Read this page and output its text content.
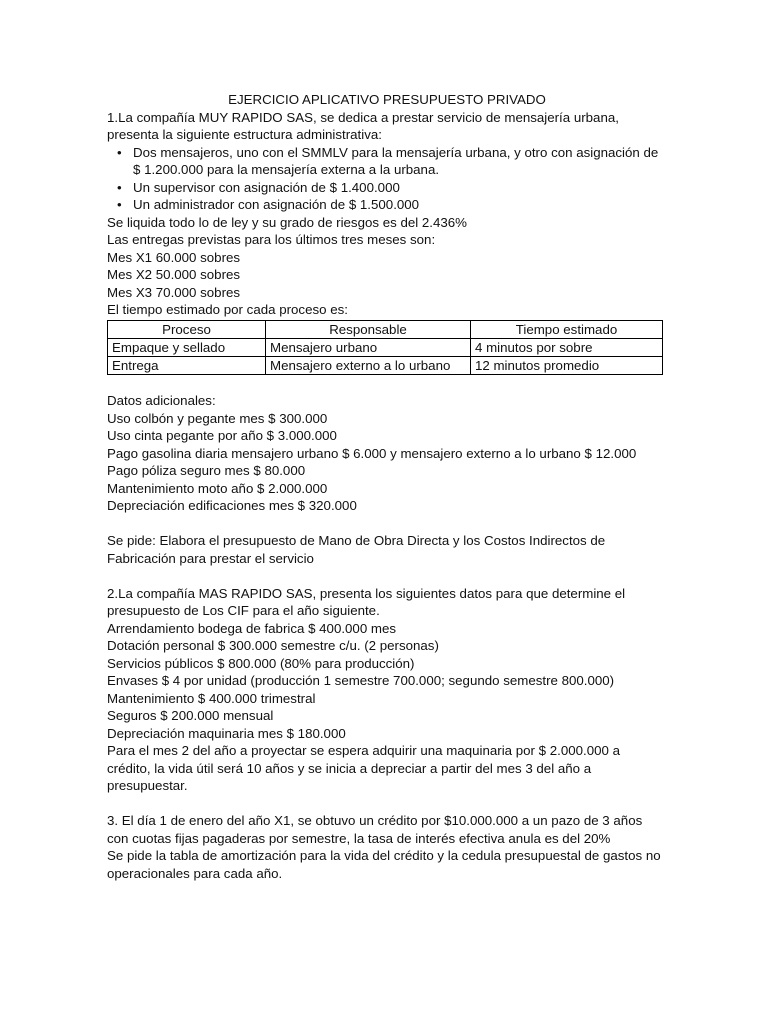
EJERCICIO APLICATIVO PRESUPUESTO PRIVADO

1.La compañía MUY RAPIDO SAS, se dedica a prestar servicio de mensajería urbana, presenta la siguiente estructura administrativa:

• Dos mensajeros, uno con el SMMLV para la mensajería urbana, y otro con asignación de $ 1.200.000 para la mensajería externa a la urbana.
• Un supervisor con asignación de $ 1.400.000
• Un administrador con asignación de $ 1.500.000

Se liquida todo lo de ley y su grado de riesgos es del 2.436%

Las entregas previstas para los últimos tres meses son:

Mes X1 60.000 sobres

Mes X2 50.000 sobres

Mes X3 70.000 sobres

El tiempo estimado por cada proceso es:

Proceso	Responsable	Tiempo estimado
Empaque y sellado	Mensajero urbano	4 minutos por sobre
Entrega	Mensajero externo a lo urbano	12 minutos promedio

Datos adicionales:

Uso colbón y pegante mes $ 300.000

Uso cinta pegante por año $ 3.000.000

Pago gasolina diaria mensajero urbano $ 6.000 y mensajero externo a lo urbano $ 12.000

Pago póliza seguro mes $ 80.000

Mantenimiento moto año $ 2.000.000

Depreciación edificaciones mes $ 320.000

Se pide: Elabora el presupuesto de Mano de Obra Directa y los Costos Indirectos de Fabricación para prestar el servicio

2.La compañía MAS RAPIDO SAS, presenta los siguientes datos para que determine el presupuesto de Los CIF para el año siguiente.

Arrendamiento bodega de fabrica $ 400.000 mes

Dotación personal $ 300.000 semestre c/u. (2 personas)

Servicios públicos $ 800.000 (80% para producción)

Envases $ 4 por unidad (producción 1 semestre 700.000; segundo semestre 800.000)

Mantenimiento $ 400.000 trimestral

Seguros $ 200.000 mensual

Depreciación maquinaria mes $ 180.000

Para el mes 2 del año a proyectar se espera adquirir una maquinaria por $ 2.000.000 a crédito, la vida útil será 10 años y se inicia a depreciar a partir del mes 3 del año a presupuestar.

3. El día 1 de enero del año X1, se obtuvo un crédito por $10.000.000 a un pazo de 3 años con cuotas fijas pagaderas por semestre, la tasa de interés efectiva anula es del 20%

Se pide la tabla de amortización para la vida del crédito y la cedula presupuestal de gastos no operacionales para cada año.
